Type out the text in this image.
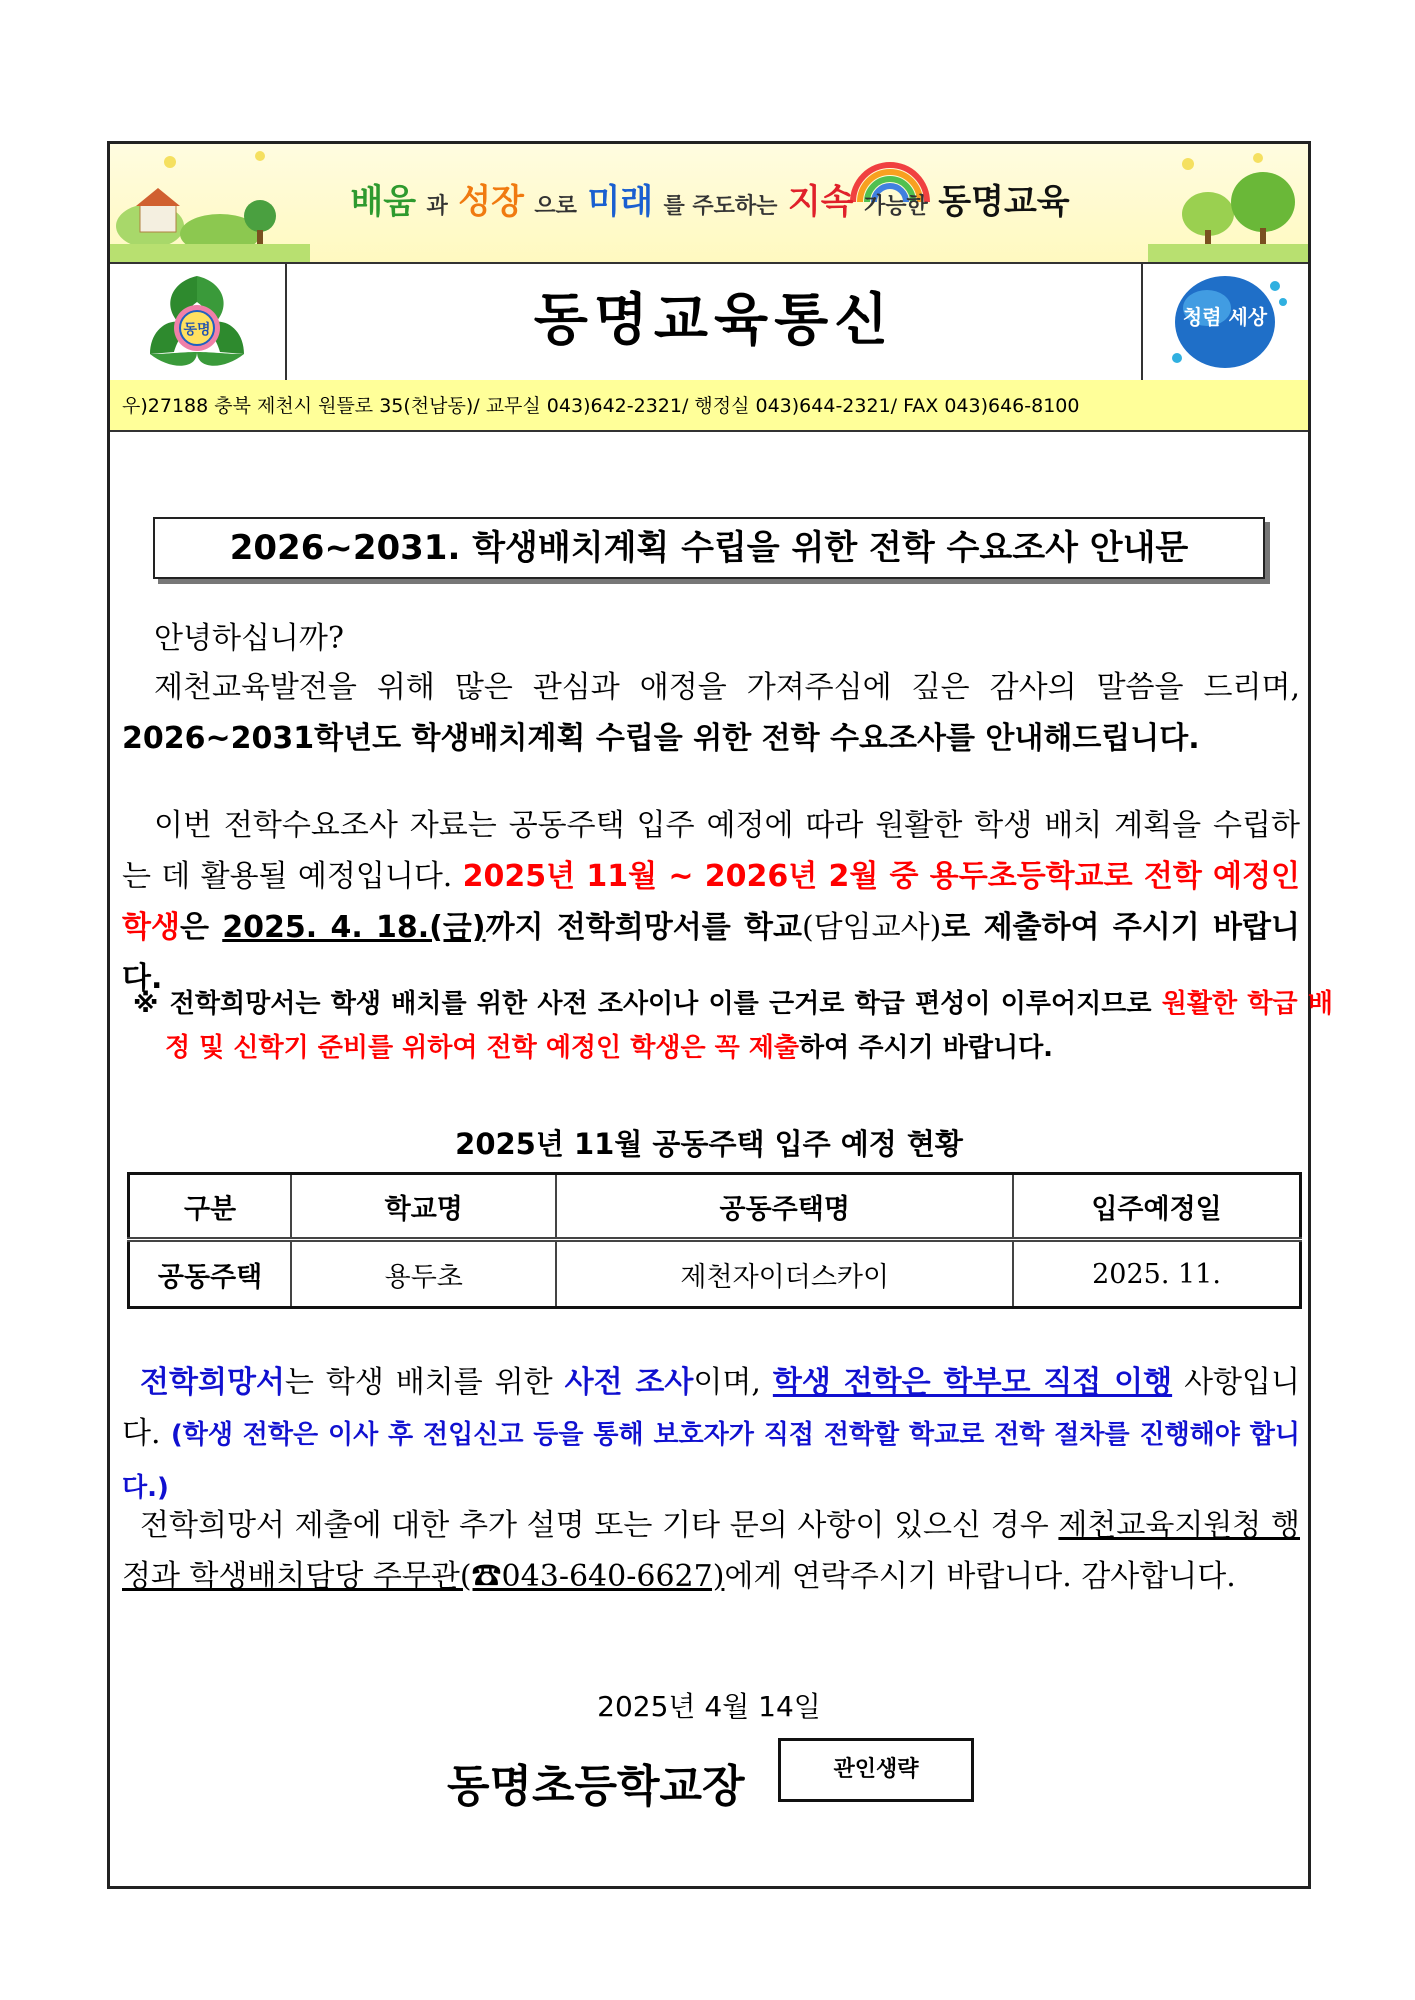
배움 과 성장 으로 미래 를 주도하는 지속 가능한 동명교육
동명	동명교육통신	청렴 세상
우)27188 충북 제천시 원뜰로 35(천남동)/ 교무실 043)642-2321/ 행정실 043)644-2321/ FAX 043)646-8100
2026~2031. 학생배치계획 수립을 위한 전학 수요조사 안내문
안녕하십니까?
제천교육발전을 위해 많은 관심과 애정을 가져주심에 깊은 감사의 말씀을 드리며, 2026~2031학년도 학생배치계획 수립을 위한 전학 수요조사를 안내해드립니다.
이번 전학수요조사 자료는 공동주택 입주 예정에 따라 원활한 학생 배치 계획을 수립하는 데 활용될 예정입니다. 2025년 11월 ~ 2026년 2월 중 용두초등학교로 전학 예정인 학생은 2025. 4. 18.(금)까지 전학희망서를 학교(담임교사)로 제출하여 주시기 바랍니다.
※ 전학희망서는 학생 배치를 위한 사전 조사이나 이를 근거로 학급 편성이 이루어지므로 원활한 학급 배정 및 신학기 준비를 위하여 전학 예정인 학생은 꼭 제출하여 주시기 바랍니다.
2025년 11월 공동주택 입주 예정 현황
구분	학교명	공동주택명	입주예정일
공동주택	용두초	제천자이더스카이	2025. 11.
전학희망서는 학생 배치를 위한 사전 조사이며, 학생 전학은 학부모 직접 이행 사항입니다. (학생 전학은 이사 후 전입신고 등을 통해 보호자가 직접 전학할 학교로 전학 절차를 진행해야 합니다.)
전학희망서 제출에 대한 추가 설명 또는 기타 문의 사항이 있으신 경우 제천교육지원청 행정과 학생배치담당 주무관(☎043-640-6627)에게 연락주시기 바랍니다. 감사합니다.
2025년 4월 14일
동명초등학교장	관인생략
